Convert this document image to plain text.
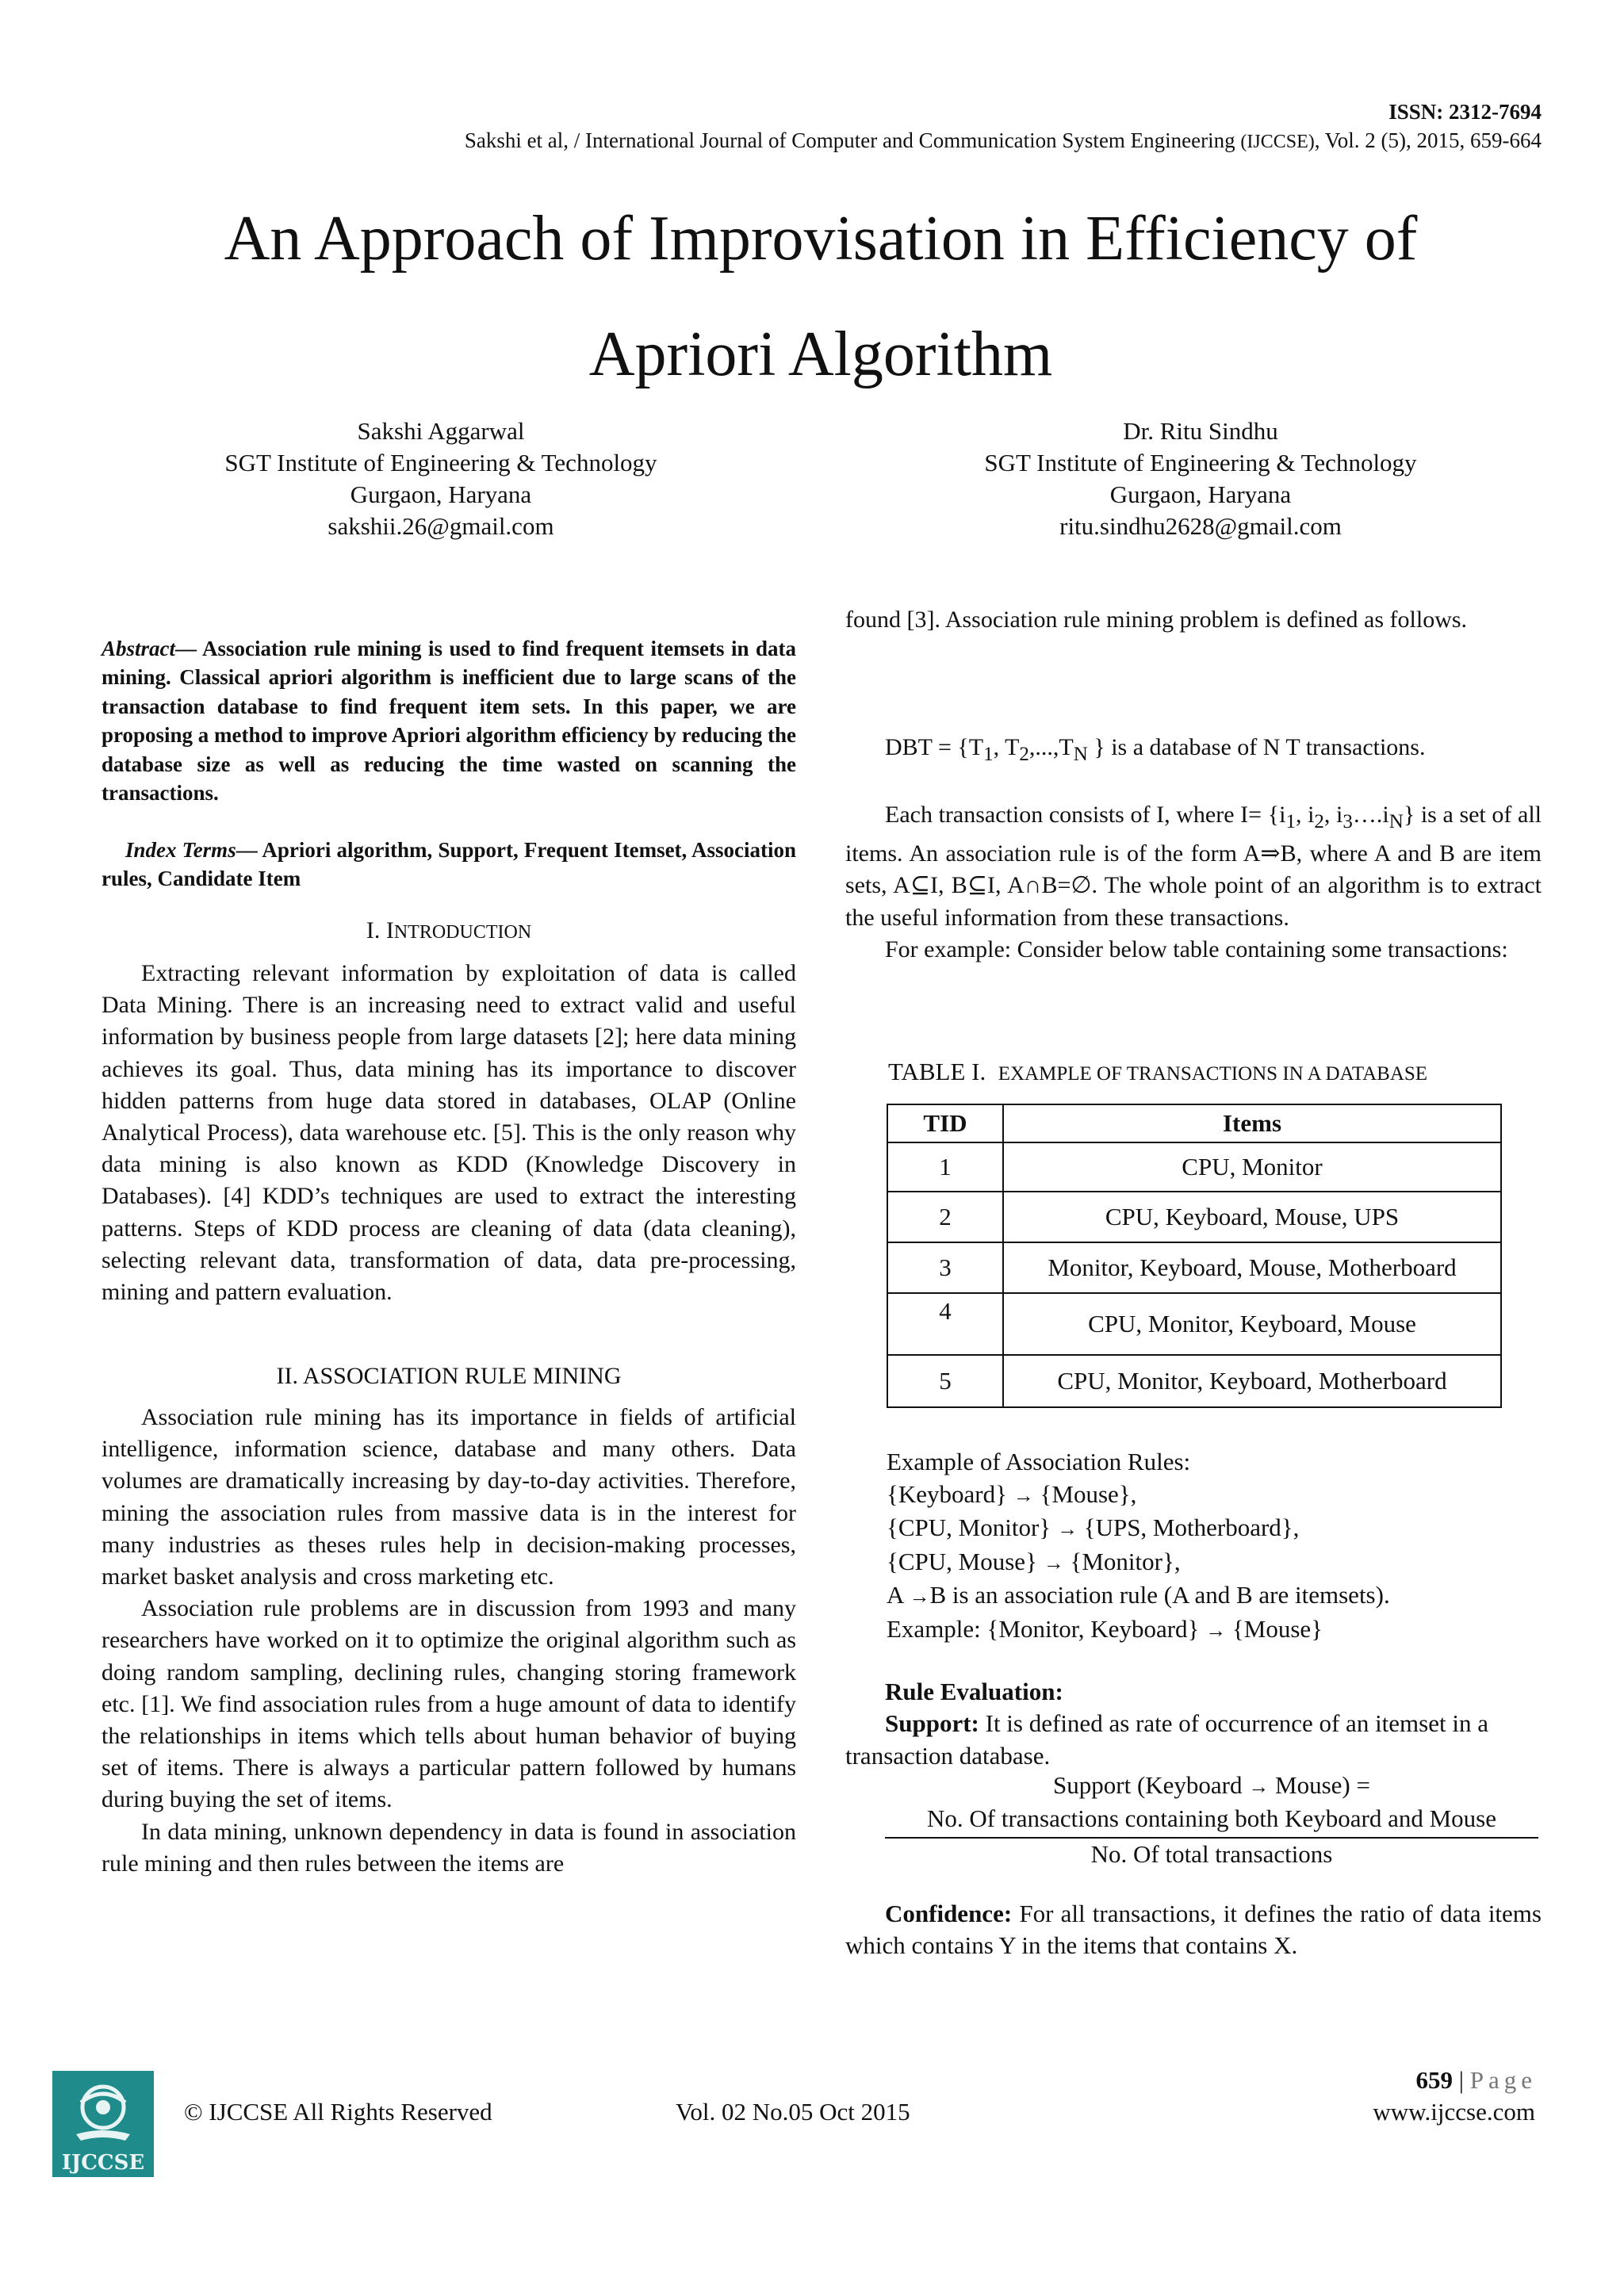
ISSN: 2312-7694
Sakshi et al, / International Journal of Computer and Communication System Engineering (IJCCSE), Vol. 2 (5), 2015, 659-664
An Approach of Improvisation in Efficiency of
Apriori Algorithm
Sakshi Aggarwal
SGT Institute of Engineering & Technology
Gurgaon, Haryana
sakshii.26@gmail.com
Dr. Ritu Sindhu
SGT Institute of Engineering & Technology
Gurgaon, Haryana
ritu.sindhu2628@gmail.com
Abstract— Association rule mining is used to find frequent itemsets in data mining. Classical apriori algorithm is inefficient due to large scans of the transaction database to find frequent item sets. In this paper, we are proposing a method to improve Apriori algorithm efficiency by reducing the database size as well as reducing the time wasted on scanning the transactions.
Index Terms— Apriori algorithm, Support, Frequent Itemset, Association rules, Candidate Item
I. INTRODUCTION

Extracting relevant information by exploitation of data is called Data Mining. There is an increasing need to extract valid and useful information by business people from large datasets [2]; here data mining achieves its goal. Thus, data mining has its importance to discover hidden patterns from huge data stored in databases, OLAP (Online Analytical Process), data warehouse etc. [5]. This is the only reason why data mining is also known as KDD (Knowledge Discovery in Databases). [4] KDD’s techniques are used to extract the interesting patterns. Steps of KDD process are cleaning of data (data cleaning), selecting relevant data, transformation of data, data pre-processing, mining and pattern evaluation.

II. ASSOCIATION RULE MINING

Association rule mining has its importance in fields of artificial intelligence, information science, database and many others. Data volumes are dramatically increasing by day-to-day activities. Therefore, mining the association rules from massive data is in the interest for many industries as theses rules help in decision-making processes, market basket analysis and cross marketing etc.

Association rule problems are in discussion from 1993 and many researchers have worked on it to optimize the original algorithm such as doing random sampling, declining rules, changing storing framework etc. [1]. We find association rules from a huge amount of data to identify the relationships in items which tells about human behavior of buying set of items. There is always a particular pattern followed by humans during buying the set of items.

In data mining, unknown dependency in data is found in association rule mining and then rules between the items are

found [3]. Association rule mining problem is defined as follows.
DBT = {$T_1$, $T_2,...,T_N$ } is a database of N T transactions.

Each transaction consists of I, where $I= \{i_1$, $i_2$, $i_3\dots.i_N$} is a set of all items. An association rule is of the form A⇒B, where A and B are item sets, A⊆I, B⊆I, A∩B=∅. The whole point of an algorithm is to extract the useful information from these transactions.

For example: Consider below table containing some transactions:

TABLE I. EXAMPLE OF TRANSACTIONS IN A DATABASE
TID	Items
1	CPU, Monitor
2	CPU, Keyboard, Mouse, UPS
3	Monitor, Keyboard, Mouse, Motherboard
4	CPU, Monitor, Keyboard, Mouse
5	CPU, Monitor, Keyboard, Motherboard
Example of Association Rules:
{Keyboard} → {Mouse},
{CPU, Monitor} → {UPS, Motherboard},
{CPU, Mouse} → {Monitor},
A →B is an association rule (A and B are itemsets).
Example: {Monitor, Keyboard} → {Mouse}

Rule Evaluation:

Support: It is defined as rate of occurrence of an itemset in a transaction database.

Support (Keyboard → Mouse) =
No. Of transactions containing both Keyboard and Mouse
No. Of total transactions
Confidence: For all transactions, it defines the ratio of data items which contains Y in the items that contains X.
IJCCSE
© IJCCSE All Rights Reserved	Vol. 02 No.05 Oct 2015
659 | Page
www.ijccse.com
